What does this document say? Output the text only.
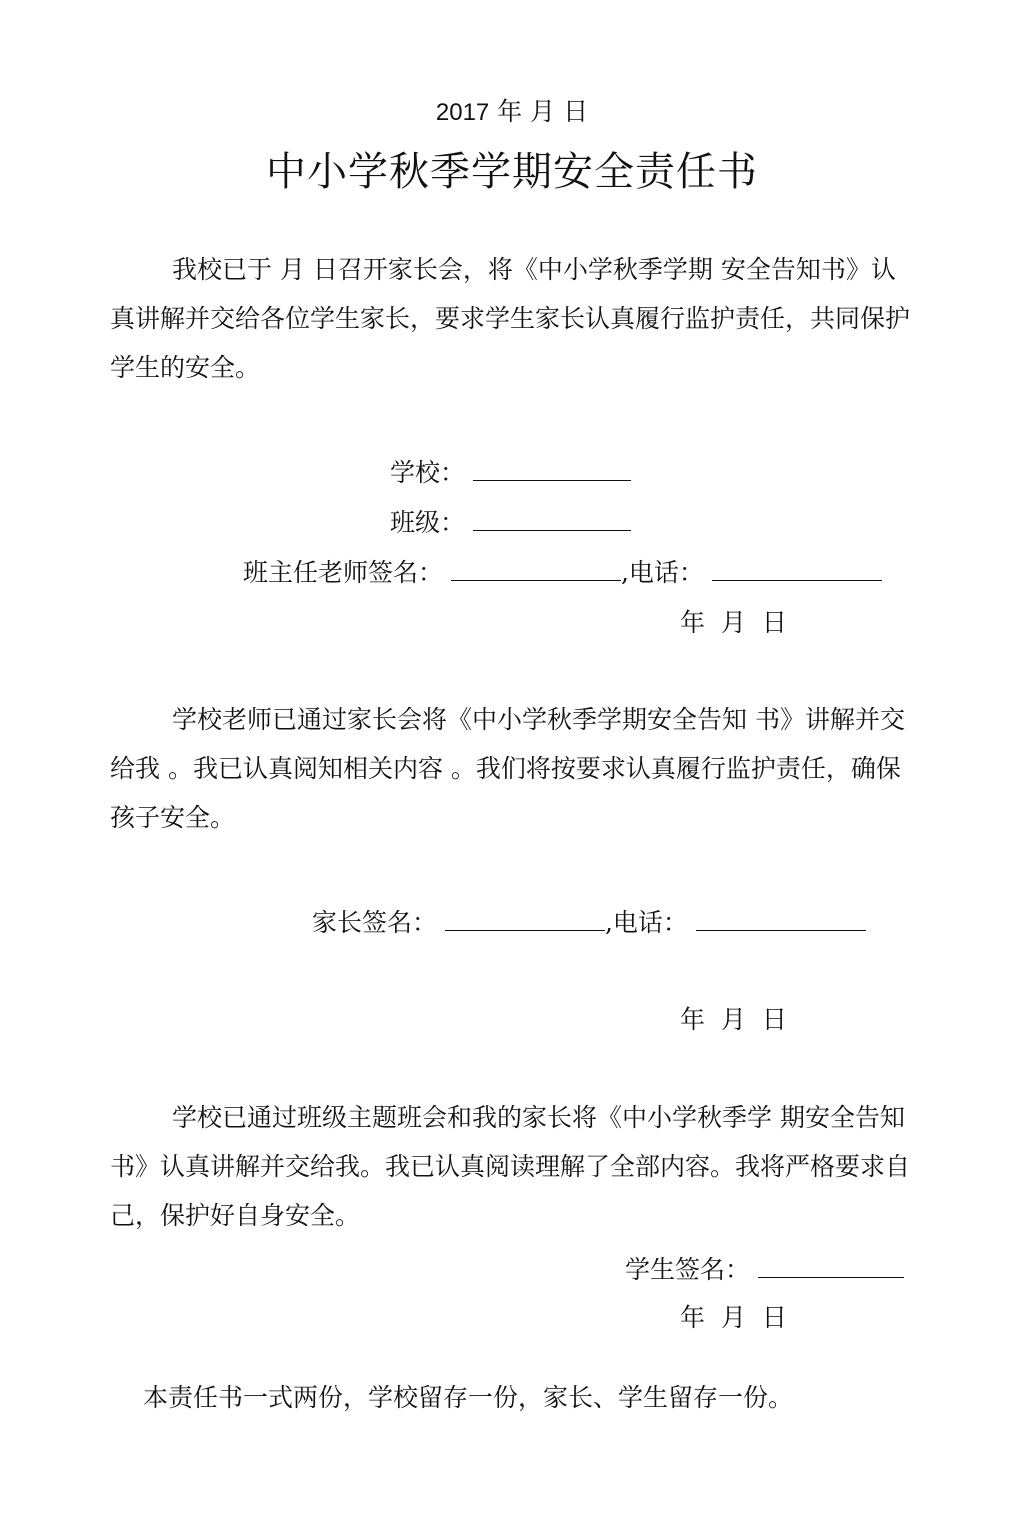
2017 年 月 日
中小学秋季学期安全责任书

我校已于 月 日召开家长会，将《中小学秋季学期 安全告知书》认真讲解并交给各位学生家长，要求学生家长认真履行监护责任，共同保护学生的安全。

学校：
班级：
班主任老师签名：	,电话：
年 月 日

学校老师已通过家长会将《中小学秋季学期安全告知 书》讲解并交给我 。我已认真阅知相关内容 。我们将按要求认真履行监护责任，确保孩子安全。

家长签名：	,电话：
年 月 日

学校已通过班级主题班会和我的家长将《中小学秋季学 期安全告知书》认真讲解并交给我。我已认真阅读理解了全部内容。我将严格要求自己，保护好自身安全。

学生签名：
年 月 日
本责任书一式两份，学校留存一份，家长、学生留存一份。
